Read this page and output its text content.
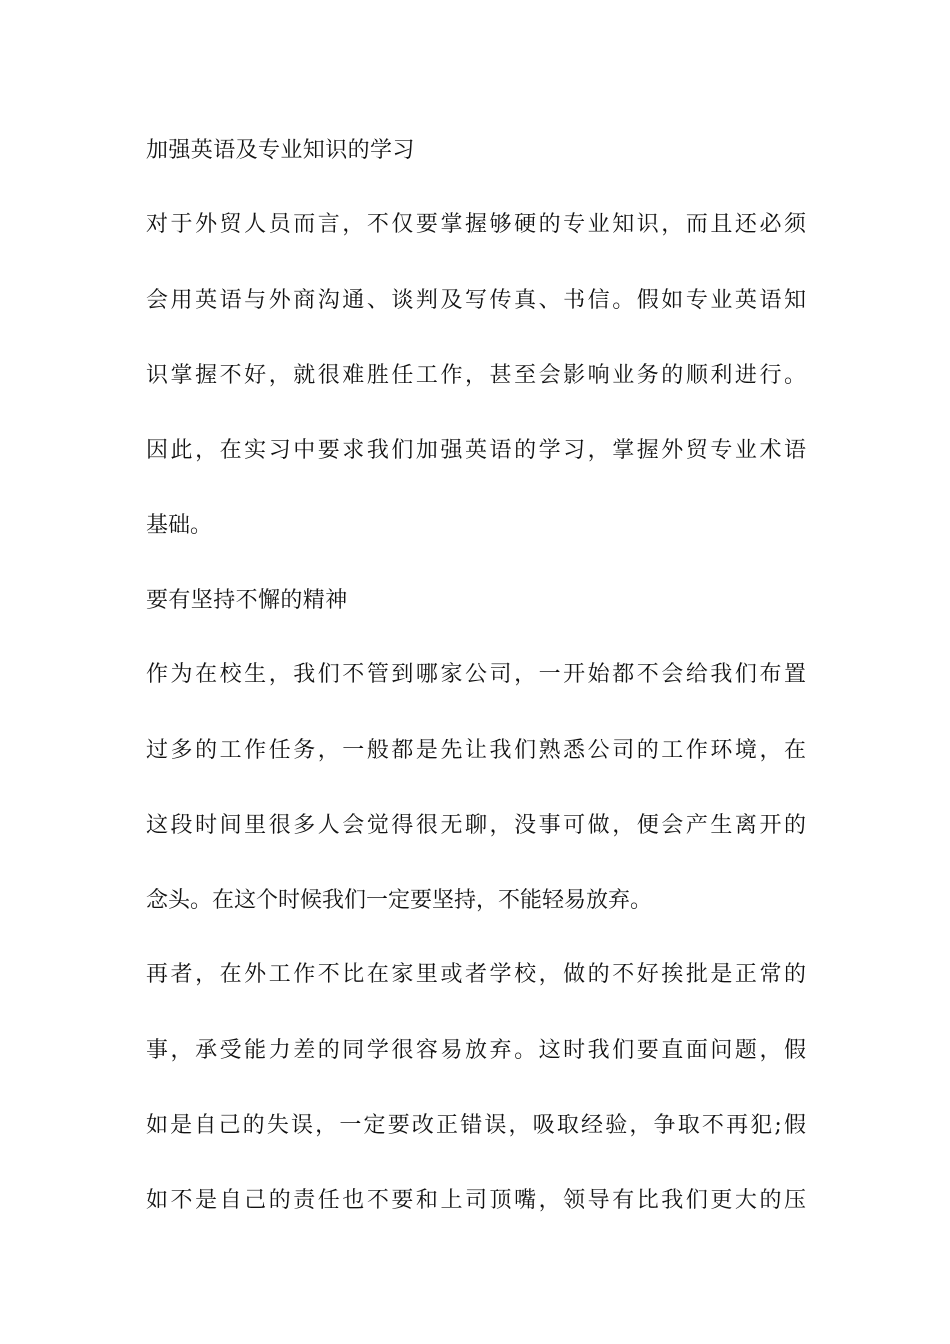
加强英语及专业知识的学习

对于外贸人员而言，不仅要掌握够硬的专业知识，而且还必须

会用英语与外商沟通、谈判及写传真、书信。假如专业英语知

识掌握不好，就很难胜任工作，甚至会影响业务的顺利进行。

因此，在实习中要求我们加强英语的学习，掌握外贸专业术语

基础。

要有坚持不懈的精神

作为在校生，我们不管到哪家公司，一开始都不会给我们布置

过多的工作任务，一般都是先让我们熟悉公司的工作环境，在

这段时间里很多人会觉得很无聊，没事可做，便会产生离开的

念头。在这个时候我们一定要坚持，不能轻易放弃。

再者，在外工作不比在家里或者学校，做的不好挨批是正常的

事，承受能力差的同学很容易放弃。这时我们要直面问题，假

如是自己的失误，一定要改正错误，吸取经验，争取不再犯;假

如不是自己的责任也不要和上司顶嘴，领导有比我们更大的压
